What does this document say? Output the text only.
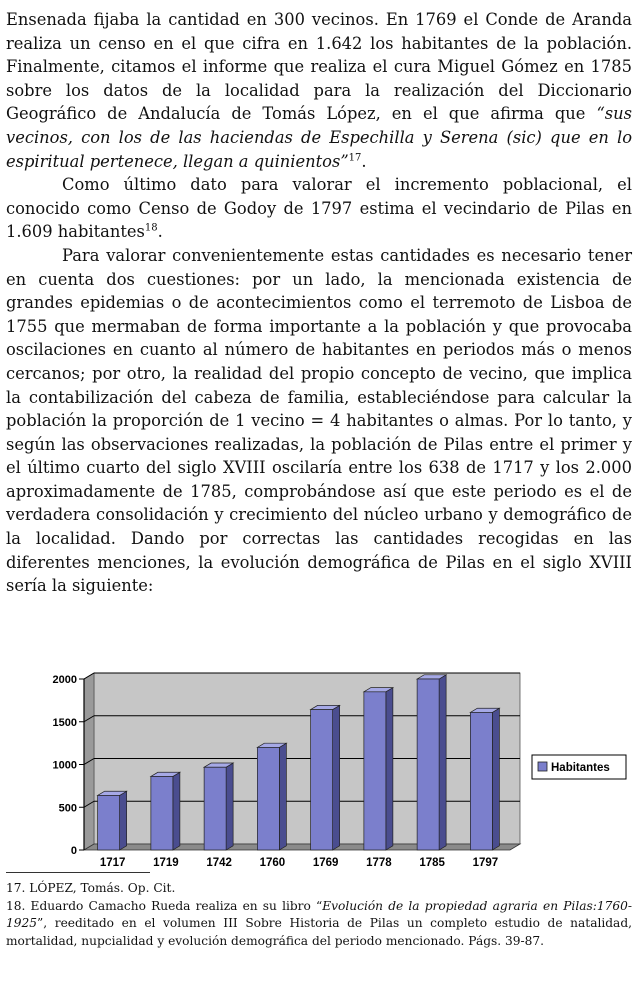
Ensenada fijaba la cantidad en 300 vecinos. En 1769 el Conde de Aranda realiza un censo en el que cifra en 1.642 los habitantes de la población. Finalmente, citamos el informe que realiza el cura Miguel Gómez en 1785 sobre los datos de la localidad para la realización del Diccionario Geográfico de Andalucía de Tomás López, en el que afirma que “sus vecinos, con los de las haciendas de Espechilla y Serena (sic) que en lo espiritual pertenece, llegan a quinientos”$^{17}$.

Como último dato para valorar el incremento poblacional, el conocido como Censo de Godoy de 1797 estima el vecindario de Pilas en 1.609 habitantes$^{18}$.

Para valorar convenientemente estas cantidades es necesario tener en cuenta dos cuestiones: por un lado, la mencionada existencia de grandes epidemias o de acontecimientos como el terremoto de Lisboa de 1755 que mermaban de forma importante a la población y que provocaba oscilaciones en cuanto al número de habitantes en periodos más o menos cercanos; por otro, la realidad del propio concepto de vecino, que implica la contabilización del cabeza de familia, estableciéndose para calcular la población la proporción de 1 vecino = 4 habitantes o almas. Por lo tanto, y según las observaciones realizadas, la población de Pilas entre el primer y el último cuarto del siglo XVIII oscilaría entre los 638 de 1717 y los 2.000 aproximadamente de 1785, comprobándose así que este periodo es el de verdadera consolidación y crecimiento del núcleo urbano y demográfico de la localidad. Dando por correctas las cantidades recogidas en las diferentes menciones, la evolución demográfica de Pilas en el siglo XVIII sería la siguiente:

0
500
1000
1500
2000
1717 1719 1742 1760 1769 1778 1785 1797
Habitantes

17. LÓPEZ, Tomás. Op. Cit.

18. Eduardo Camacho Rueda realiza en su libro “Evolución de la propiedad agraria en Pilas:1760-1925”, reeditado en el volumen III Sobre Historia de Pilas un completo estudio de natalidad, mortalidad, nupcialidad y evolución demográfica del periodo mencionado. Págs. 39-87.
